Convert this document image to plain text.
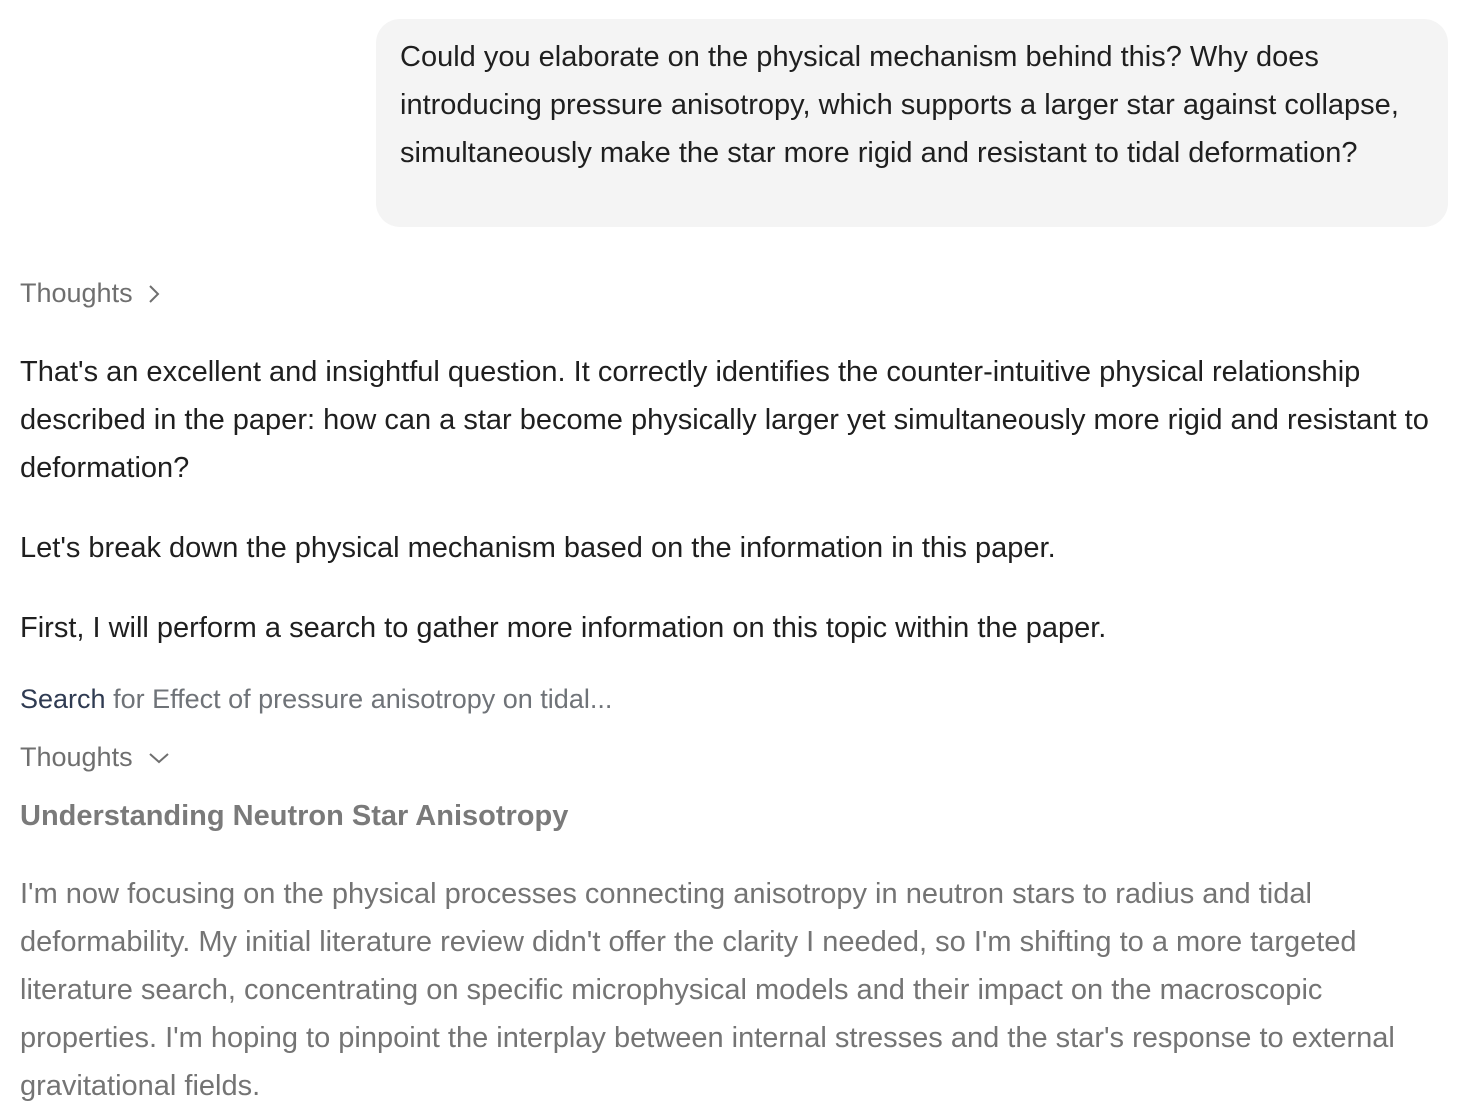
Could you elaborate on the physical mechanism behind this? Why does introducing pressure anisotropy, which supports a larger star against collapse, simultaneously make the star more rigid and resistant to tidal deformation?
Thoughts

That's an excellent and insightful question. It correctly identifies the counter-intuitive physical relationship described in the paper: how can a star become physically larger yet simultaneously more rigid and resistant to deformation?

Let's break down the physical mechanism based on the information in this paper.

First, I will perform a search to gather more information on this topic within the paper.

Search for Effect of pressure anisotropy on tidal...
Thoughts
Understanding Neutron Star Anisotropy

I'm now focusing on the physical processes connecting anisotropy in neutron stars to radius and tidal deformability. My initial literature review didn't offer the clarity I needed, so I'm shifting to a more targeted literature search, concentrating on specific microphysical models and their impact on the macroscopic properties. I'm hoping to pinpoint the interplay between internal stresses and the star's response to external gravitational fields.
